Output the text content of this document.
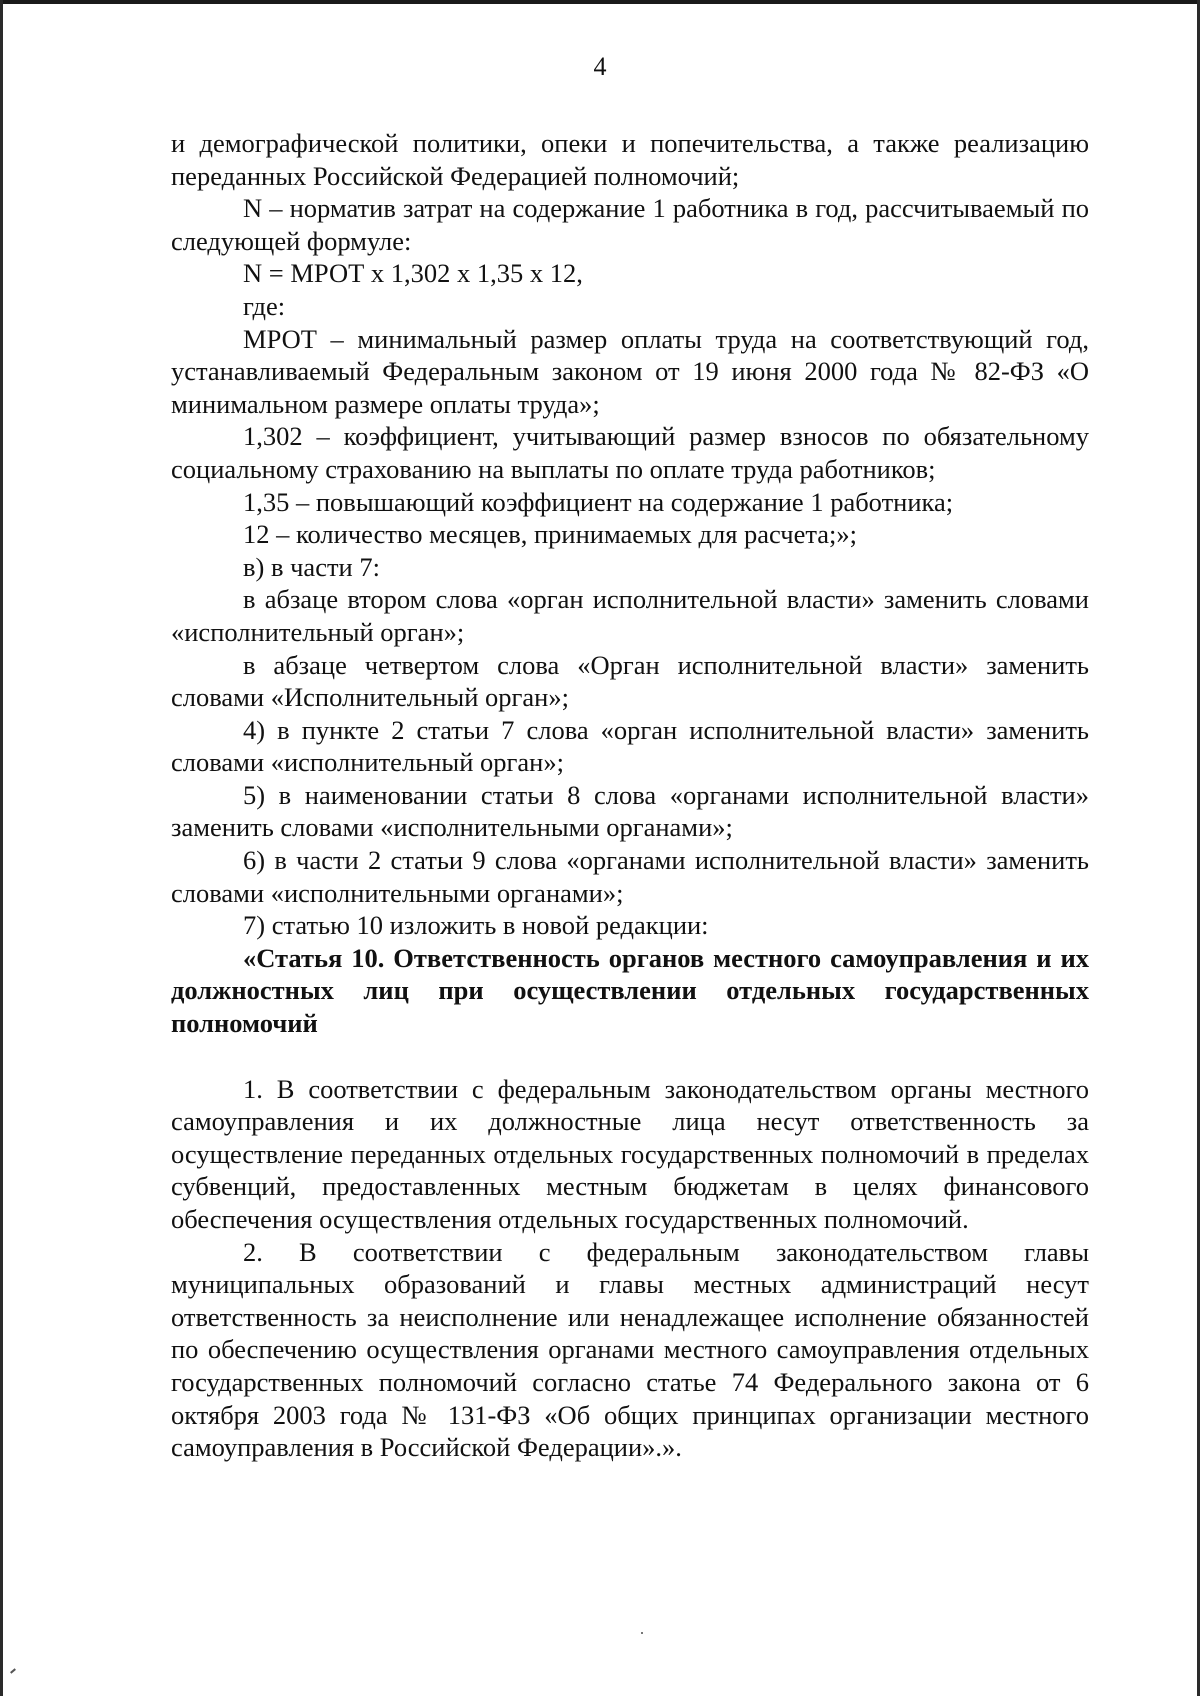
4

и демографической политики, опеки и попечительства, а также реализацию переданных Российской Федерацией полномочий;

N – норматив затрат на содержание 1 работника в год, рассчитываемый по следующей формуле:

N = МРОТ х 1,302 х 1,35 х 12,

где:

МРОТ – минимальный размер оплаты труда на соответствующий год, устанавливаемый Федеральным законом от 19 июня 2000 года № 82-ФЗ «О минимальном размере оплаты труда»;

1,302 – коэффициент, учитывающий размер взносов по обязательному социальному страхованию на выплаты по оплате труда работников;

1,35 – повышающий коэффициент на содержание 1 работника;

12 – количество месяцев, принимаемых для расчета;»;

в) в части 7:

в абзаце втором слова «орган исполнительной власти» заменить словами «исполнительный орган»;

в абзаце четвертом слова «Орган исполнительной власти» заменить словами «Исполнительный орган»;

4) в пункте 2 статьи 7 слова «орган исполнительной власти» заменить словами «исполнительный орган»;

5) в наименовании статьи 8 слова «органами исполнительной власти» заменить словами «исполнительными органами»;

6) в части 2 статьи 9 слова «органами исполнительной власти» заменить словами «исполнительными органами»;

7) статью 10 изложить в новой редакции:

«Статья 10. Ответственность органов местного самоуправления и их должностных лиц при осуществлении отдельных государственных полномочий

1. В соответствии с федеральным законодательством органы местного самоуправления и их должностные лица несут ответственность за осуществление переданных отдельных государственных полномочий в пределах субвенций, предоставленных местным бюджетам в целях финансового обеспечения осуществления отдельных государственных полномочий.

2. В соответствии с федеральным законодательством главы муниципальных образований и главы местных администраций несут ответственность за неисполнение или ненадлежащее исполнение обязанностей по обеспечению осуществления органами местного самоуправления отдельных государственных полномочий согласно статье 74 Федерального закона от 6 октября 2003 года № 131-ФЗ «Об общих принципах организации местного самоуправления в Российской Федерации».».
